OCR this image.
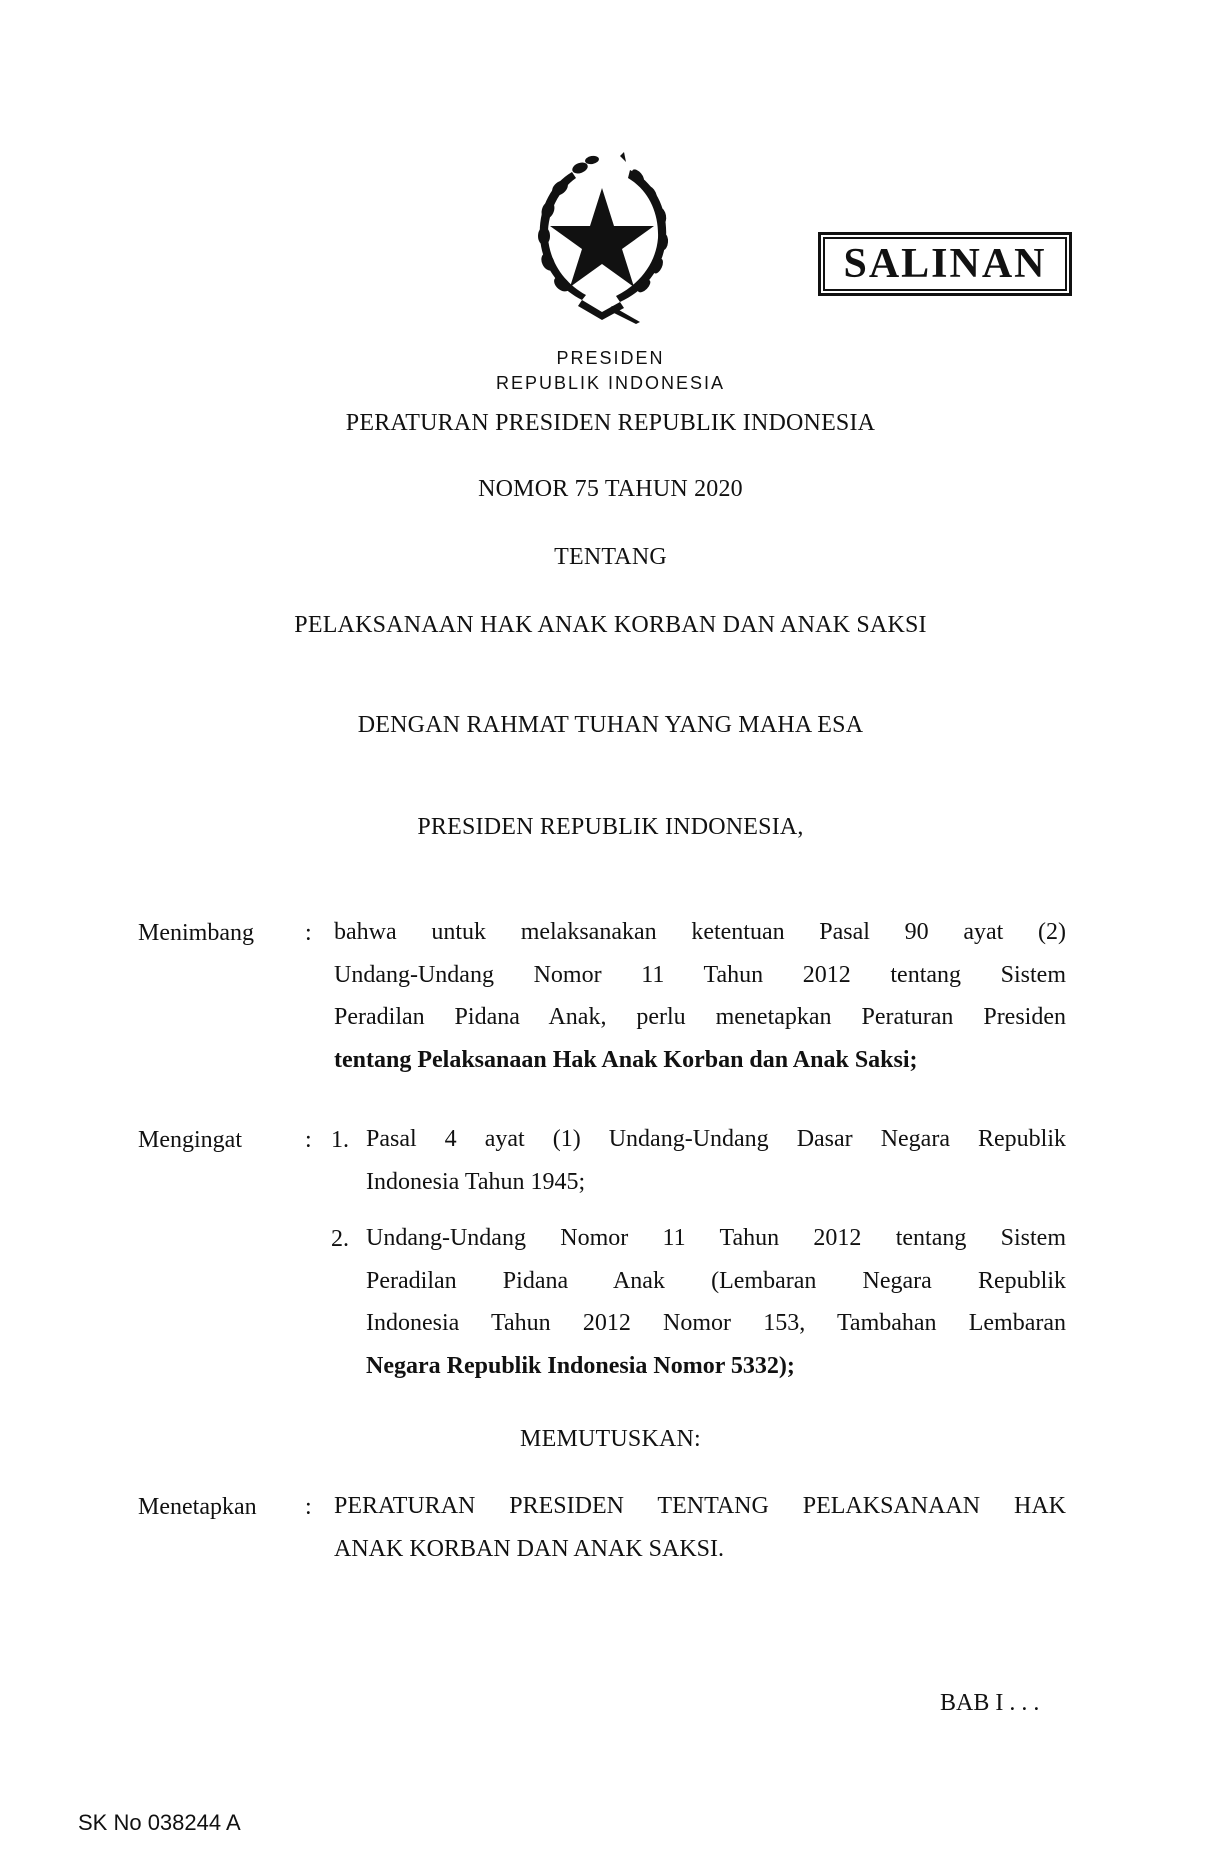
SALINAN
PRESIDEN
REPUBLIK INDONESIA
PERATURAN PRESIDEN REPUBLIK INDONESIA
NOMOR 75 TAHUN 2020
TENTANG
PELAKSANAAN HAK ANAK KORBAN DAN ANAK SAKSI
DENGAN RAHMAT TUHAN YANG MAHA ESA
PRESIDEN REPUBLIK INDONESIA,
Menimbang : bahwa untuk melaksanakan ketentuan Pasal 90 ayat (2)
Undang-Undang Nomor 11 Tahun 2012 tentang Sistem
Peradilan Pidana Anak, perlu menetapkan Peraturan Presiden
tentang Pelaksanaan Hak Anak Korban dan Anak Saksi;
Mengingat	: 1. Pasal 4 ayat (1) Undang-Undang Dasar Negara Republik
Indonesia Tahun 1945;
2. Undang-Undang Nomor 11 Tahun 2012 tentang Sistem
Peradilan Pidana Anak (Lembaran Negara Republik
Indonesia Tahun 2012 Nomor 153, Tambahan Lembaran
Negara Republik Indonesia Nomor 5332);
MEMUTUSKAN:
Menetapkan : PERATURAN PRESIDEN TENTANG PELAKSANAAN HAK
ANAK KORBAN DAN ANAK SAKSI.
BAB I . . .
SK No 038244 A
